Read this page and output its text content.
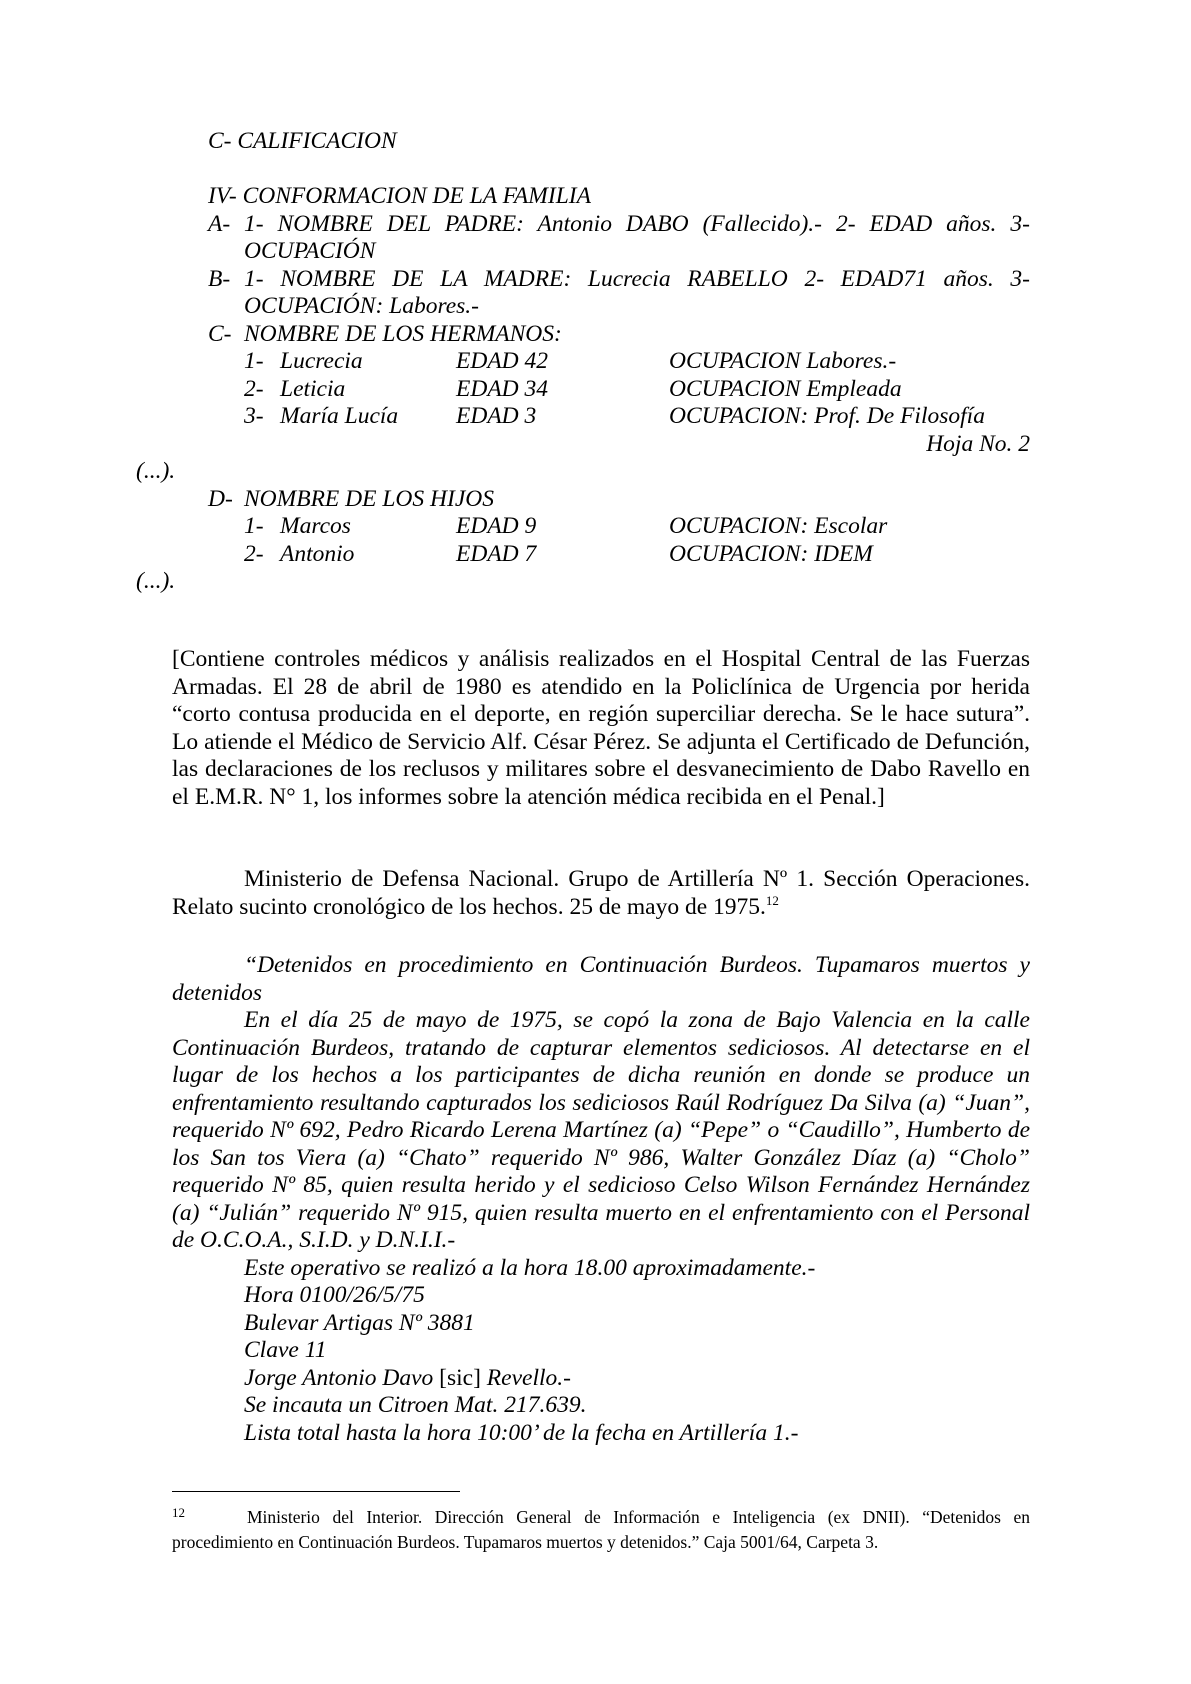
C- CALIFICACION
IV- CONFORMACION DE LA FAMILIA
A- 1- NOMBRE DEL PADRE: Antonio DABO (Fallecido).- 2- EDAD años. 3-
OCUPACIÓN
B- 1- NOMBRE DE LA MADRE: Lucrecia RABELLO 2- EDAD71 años. 3-
OCUPACIÓN: Labores.-
C- NOMBRE DE LOS HERMANOS:
1- Lucrecia	EDAD 42	OCUPACION Labores.-
2- Leticia	EDAD 34	OCUPACION Empleada
3- María Lucía EDAD 3	OCUPACION: Prof. De Filosofía
Hoja No. 2
(...).
D- NOMBRE DE LOS HIJOS
1- Marcos	EDAD 9	OCUPACION: Escolar
2- Antonio	EDAD 7	OCUPACION: IDEM
(...).
[Contiene controles médicos y análisis realizados en el Hospital Central de las Fuerzas Armadas. El 28 de abril de 1980 es atendido en la Policlínica de Urgencia por herida “corto contusa producida en el deporte, en región superciliar derecha. Se le hace sutura”. Lo atiende el Médico de Servicio Alf. César Pérez. Se adjunta el Certificado de Defunción, las declaraciones de los reclusos y militares sobre el desvanecimiento de Dabo Ravello en el E.M.R. N° 1, los informes sobre la atención médica recibida en el Penal.]
Ministerio de Defensa Nacional. Grupo de Artillería Nº 1. Sección Operaciones. Relato sucinto cronológico de los hechos. 25 de mayo de 1975.12
“Detenidos en procedimiento en Continuación Burdeos. Tupamaros muertos y detenidos
En el día 25 de mayo de 1975, se copó la zona de Bajo Valencia en la calle Continuación Burdeos, tratando de capturar elementos sediciosos. Al detectarse en el lugar de los hechos a los participantes de dicha reunión en donde se produce un enfrentamiento resultando capturados los sediciosos Raúl Rodríguez Da Silva (a) “Juan”, requerido Nº 692, Pedro Ricardo Lerena Martínez (a) “Pepe” o “Caudillo”, Humberto de los San tos Viera (a) “Chato” requerido Nº 986, Walter González Díaz (a) “Cholo” requerido Nº 85, quien resulta herido y el sedicioso Celso Wilson Fernández Hernández (a) “Julián” requerido Nº 915, quien resulta muerto en el enfrentamiento con el Personal de O.C.O.A., S.I.D. y D.N.I.I.-
Este operativo se realizó a la hora 18.00 aproximadamente.-
Hora 0100/26/5/75
Bulevar Artigas Nº 3881
Clave 11
Jorge Antonio Davo [sic] Revello.-
Se incauta un Citroen Mat. 217.639.
Lista total hasta la hora 10:00’ de la fecha en Artillería 1.-
$^{12}$	Ministerio del Interior. Dirección General de Información e Inteligencia (ex DNII). “Detenidos en procedimiento en Continuación Burdeos. Tupamaros muertos y detenidos.” Caja 5001/64, Carpeta 3.
